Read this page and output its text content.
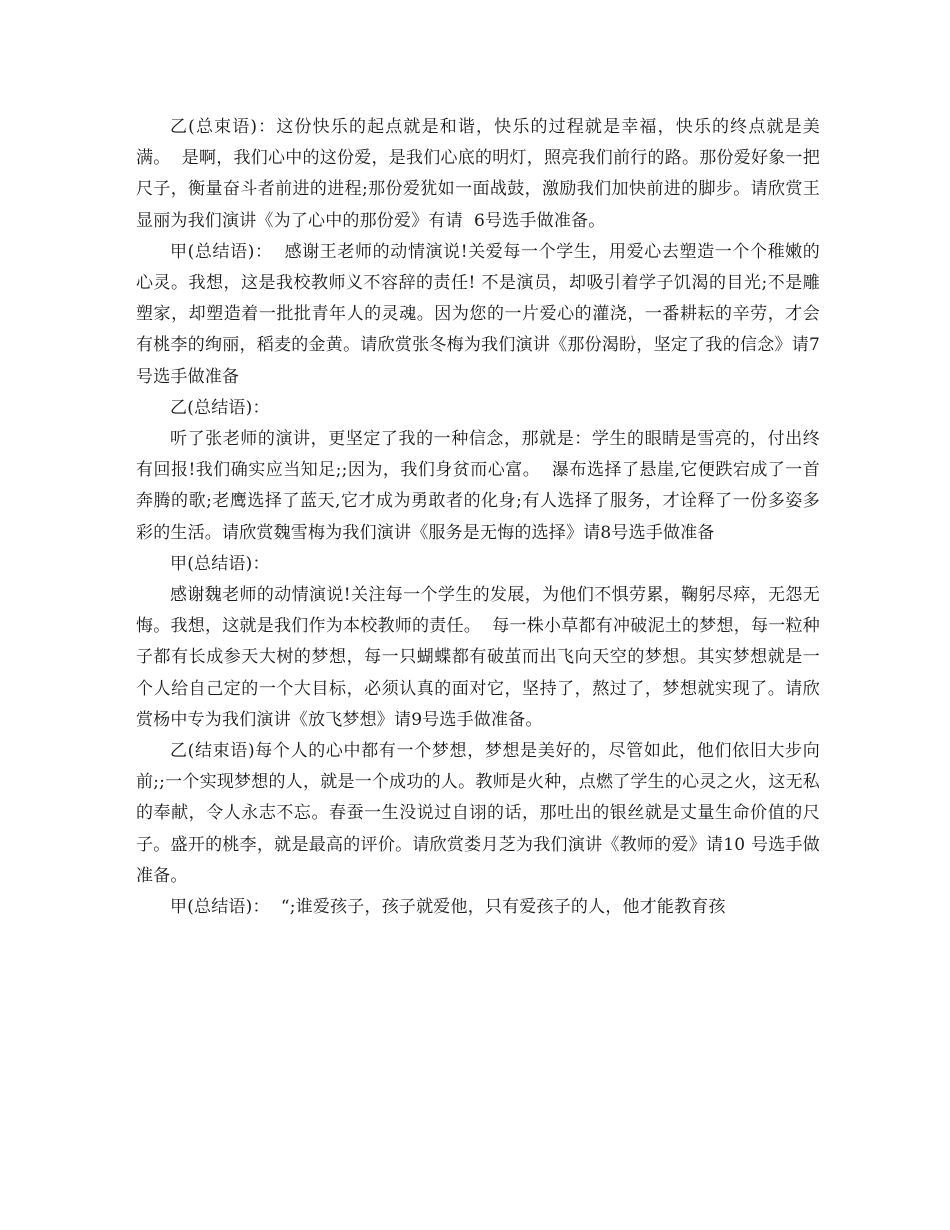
乙(总束语)：这份快乐的起点就是和谐，快乐的过程就是幸福，快乐的终点就是美满。  是啊，我们心中的这份爱，是我们心底的明灯，照亮我们前行的路。那份爱好象一把尺子，衡量奋斗者前进的进程;那份爱犹如一面战鼓，激励我们加快前进的脚步。请欣赏王显丽为我们演讲《为了心中的那份爱》有请  6号选手做准备。

甲(总结语)：  感谢王老师的动情演说!关爱每一个学生，用爱心去塑造一个个稚嫩的心灵。我想，这是我校教师义不容辞的责任! 不是演员，却吸引着学子饥渴的目光;不是雕塑家，却塑造着一批批青年人的灵魂。因为您的一片爱心的灌浇，一番耕耘的辛劳，才会有桃李的绚丽，稻麦的金黄。请欣赏张冬梅为我们演讲《那份渴盼，坚定了我的信念》请7号选手做准备

乙(总结语)：

听了张老师的演讲，更坚定了我的一种信念，那就是：学生的眼睛是雪亮的，付出终有回报!我们确实应当知足;;因为，我们身贫而心富。  瀑布选择了悬崖,它便跌宕成了一首奔腾的歌;老鹰选择了蓝天,它才成为勇敢者的化身;有人选择了服务，才诠释了一份多姿多彩的生活。请欣赏魏雪梅为我们演讲《服务是无悔的选择》请8号选手做准备

甲(总结语)：

感谢魏老师的动情演说!关注每一个学生的发展，为他们不惧劳累，鞠躬尽瘁，无怨无悔。我想，这就是我们作为本校教师的责任。  每一株小草都有冲破泥土的梦想，每一粒种子都有长成参天大树的梦想，每一只蝴蝶都有破茧而出飞向天空的梦想。其实梦想就是一个人给自己定的一个大目标，必须认真的面对它，坚持了，熬过了，梦想就实现了。请欣赏杨中专为我们演讲《放飞梦想》请9号选手做准备。

乙(结束语)每个人的心中都有一个梦想，梦想是美好的，尽管如此，他们依旧大步向前;;一个实现梦想的人，就是一个成功的人。教师是火种，点燃了学生的心灵之火，这无私的奉献，令人永志不忘。春蚕一生没说过自诩的话，那吐出的银丝就是丈量生命价值的尺子。盛开的桃李，就是最高的评价。请欣赏娄月芝为我们演讲《教师的爱》请10 号选手做准备。

甲(总结语)：  “;谁爱孩子，孩子就爱他，只有爱孩子的人，他才能教育孩
